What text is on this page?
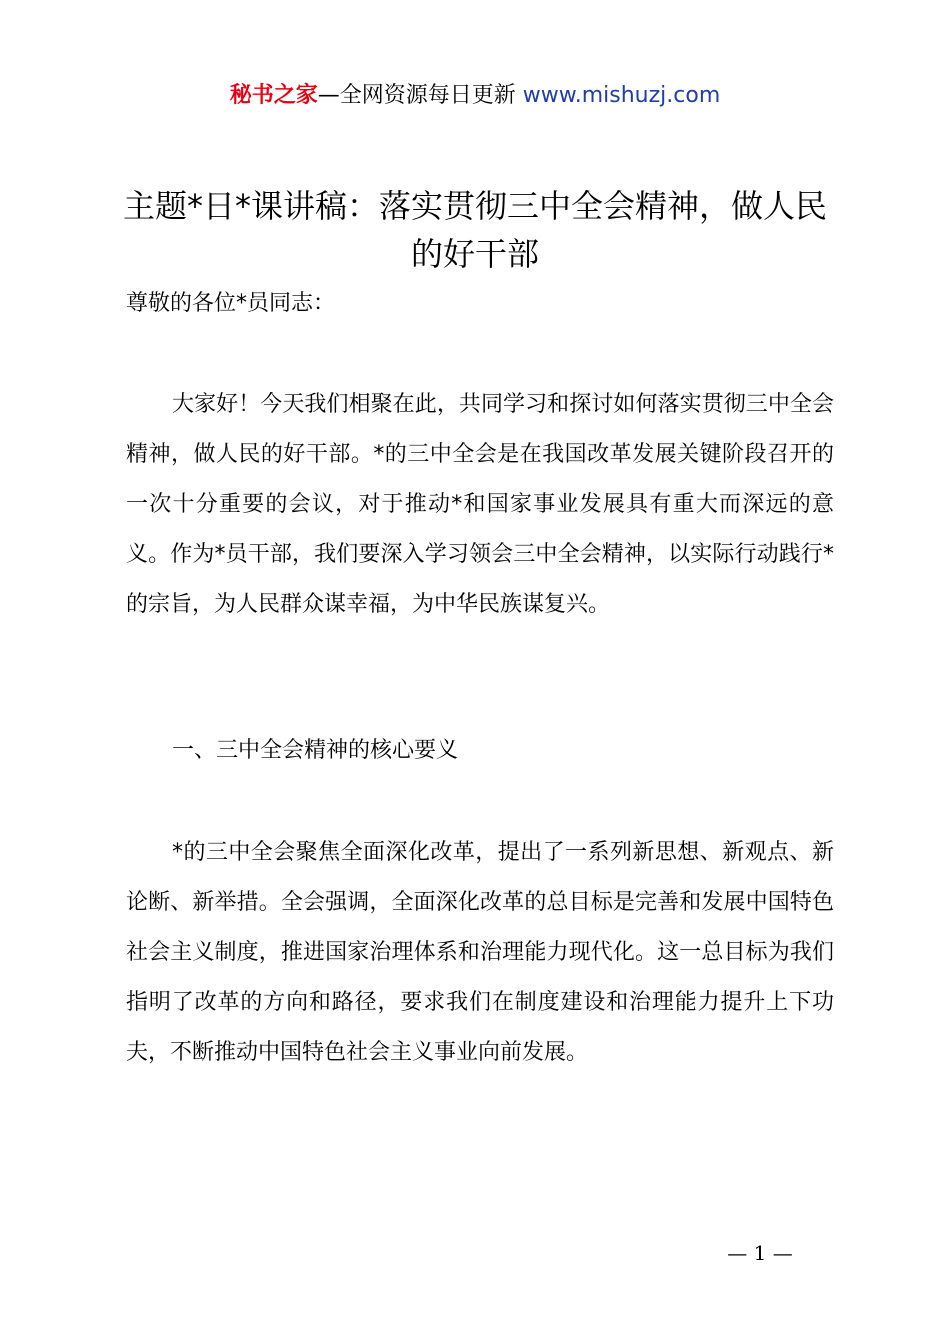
秘书之家—全网资源每日更新 www.mishuzj.com
主题*日*课讲稿：落实贯彻三中全会精神，做人民的好干部

尊敬的各位*员同志：

大家好！今天我们相聚在此，共同学习和探讨如何落实贯彻三中全会精神，做人民的好干部。*的三中全会是在我国改革发展关键阶段召开的一次十分重要的会议，对于推动*和国家事业发展具有重大而深远的意义。作为*员干部，我们要深入学习领会三中全会精神，以实际行动践行*的宗旨，为人民群众谋幸福，为中华民族谋复兴。

一、三中全会精神的核心要义

*的三中全会聚焦全面深化改革，提出了一系列新思想、新观点、新论断、新举措。全会强调，全面深化改革的总目标是完善和发展中国特色社会主义制度，推进国家治理体系和治理能力现代化。这一总目标为我们指明了改革的方向和路径，要求我们在制度建设和治理能力提升上下功夫，不断推动中国特色社会主义事业向前发展。

— 1 —
